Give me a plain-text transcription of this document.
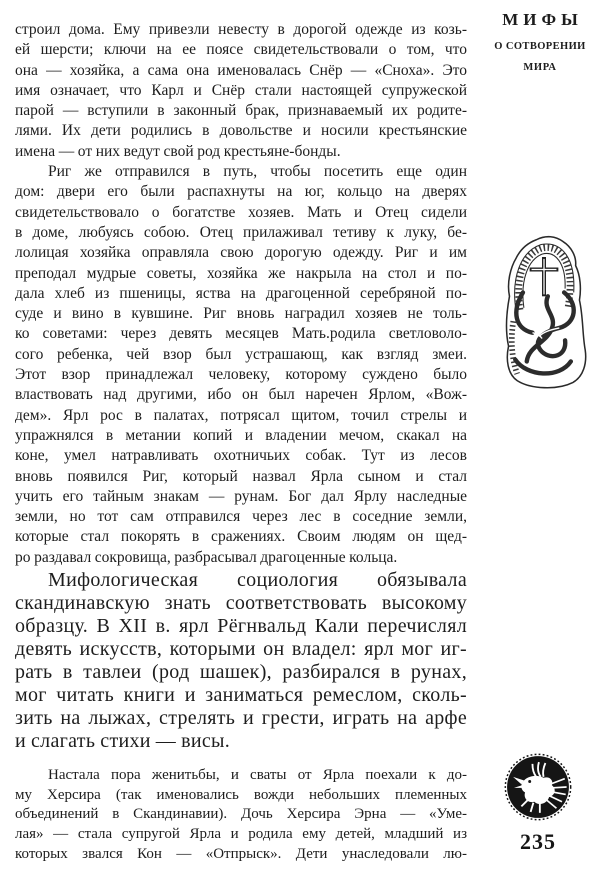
строил дома. Ему привезли невесту в дорогой одежде из козь-
ей шерсти; ключи на ее поясе свидетельствовали о том, что
она — хозяйка, а сама она именовалась Снёр — «Сноха». Это
имя означает, что Карл и Снёр стали настоящей супружеской
парой — вступили в законный брак, признаваемый их родите-
лями. Их дети родились в довольстве и носили крестьянские
имена — от них ведут свой род крестьяне-бонды.
Риг же отправился в путь, чтобы посетить еще один
дом: двери его были распахнуты на юг, кольцо на дверях
свидетельствовало о богатстве хозяев. Мать и Отец сидели
в доме, любуясь собою. Отец прилаживал тетиву к луку, бе-
лолицая хозяйка оправляла свою дорогую одежду. Риг и им
преподал мудрые советы, хозяйка же накрыла на стол и по-
дала хлеб из пшеницы, яства на драгоценной серебряной по-
суде и вино в кувшине. Риг вновь наградил хозяев не толь-
ко советами: через девять месяцев Мать.родила светловоло-
сого ребенка, чей взор был устрашающ, как взгляд змеи.
Этот взор принадлежал человеку, которому суждено было
властвовать над другими, ибо он был наречен Ярлом, «Вож-
дем». Ярл рос в палатах, потрясал щитом, точил стрелы и
упражнялся в метании копий и владении мечом, скакал на
коне, умел натравливать охотничьих собак. Тут из лесов
вновь появился Риг, который назвал Ярла сыном и стал
учить его тайным знакам — рунам. Бог дал Ярлу наследные
земли, но тот сам отправился через лес в соседние земли,
которые стал покорять в сражениях. Своим людям он щед-
ро раздавал сокровища, разбрасывал драгоценные кольца.
Мифологическая социология обязывала
скандинавскую знать соответствовать высокому
образцу. В XII в. ярл Рёгнвальд Кали перечислял
девять искусств, которыми он владел: ярл мог иг-
рать в тавлеи (род шашек), разбирался в рунах,
мог читать книги и заниматься ремеслом, сколь-
зить на лыжах, стрелять и грести, играть на арфе
и слагать стихи — висы.
Настала пора женитьбы, и сваты от Ярла поехали к до-
му Херсира (так именовались вожди небольших племенных
объединений в Скандинавии). Дочь Херсира Эрна — «Уме-
лая» — стала супругой Ярла и родила ему детей, младший из
которых звался Кон — «Отпрыск». Дети унаследовали лю-
МИФЫ
О СОТВОРЕНИИ
МИРА
235
